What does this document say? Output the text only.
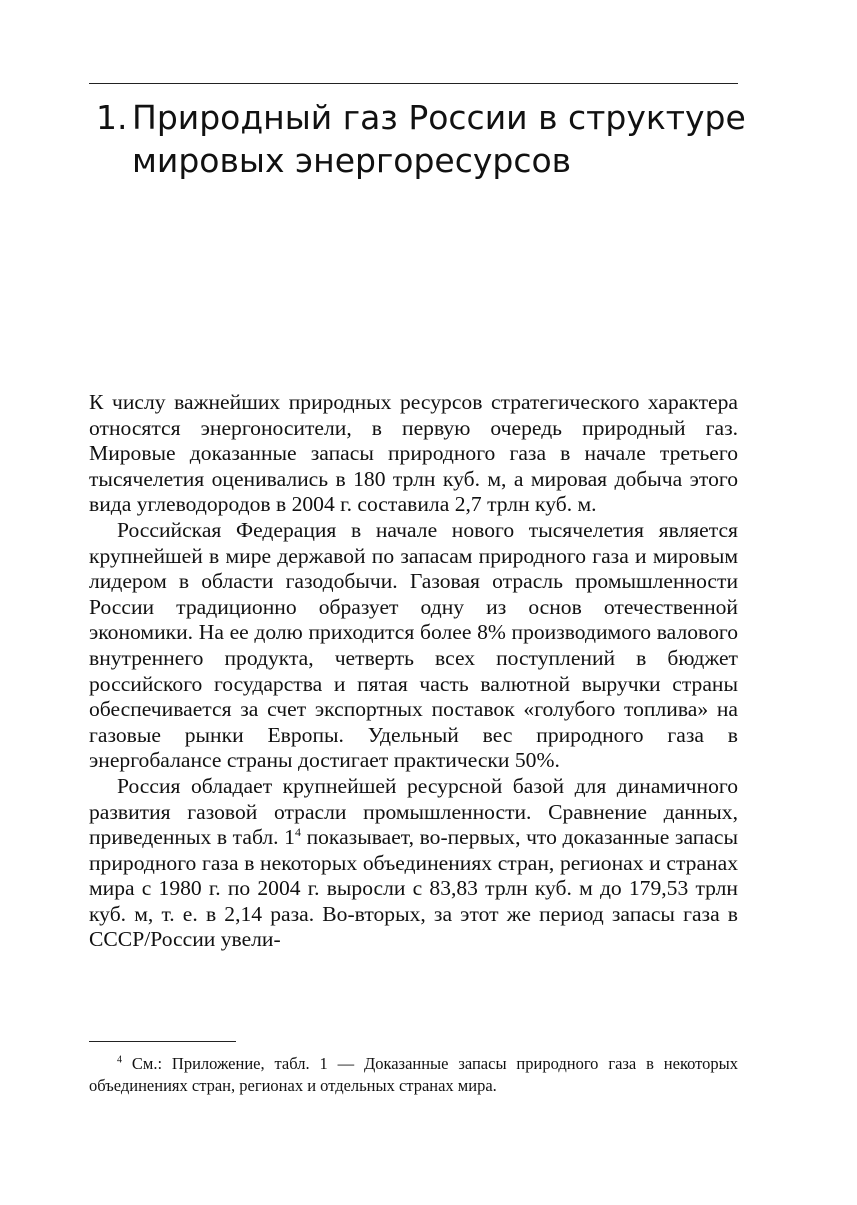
1. Природный газ России в структуре
мировых энергоресурсов

К числу важнейших природных ресурсов стратегического характера относятся энергоносители, в первую очередь природный газ. Мировые доказанные запасы природного газа в начале третьего тысячелетия оценивались в 180 трлн куб. м, а мировая добыча этого вида углеводородов в 2004 г. составила 2,7 трлн куб. м.

Российская Федерация в начале нового тысячелетия является крупнейшей в мире державой по запасам природного газа и мировым лидером в области газодобычи. Газовая отрасль промышленности России традиционно образует одну из основ отечественной экономики. На ее долю приходится более 8% производимого валового внутреннего продукта, четверть всех поступлений в бюджет российского государства и пятая часть валютной выручки страны обеспечивается за счет экспортных поставок «голубого топлива» на газовые рынки Европы. Удельный вес природного газа в энергобалансе страны достигает практически 50%.

Россия обладает крупнейшей ресурсной базой для динамичного развития газовой отрасли промышленности. Сравнение данных, приведенных в табл. $1^4$ показывает, во-первых, что доказанные запасы природного газа в некоторых объединениях стран, регионах и странах мира с 1980 г. по 2004 г. выросли с 83,83 трлн куб. м до 179,53 трлн куб. м, т. е. в 2,14 раза. Во-вторых, за этот же период запасы газа в СССР/России увели-

$^4$ См.: Приложение, табл. 1 — Доказанные запасы природного газа в некоторых объединениях стран, регионах и отдельных странах мира.
